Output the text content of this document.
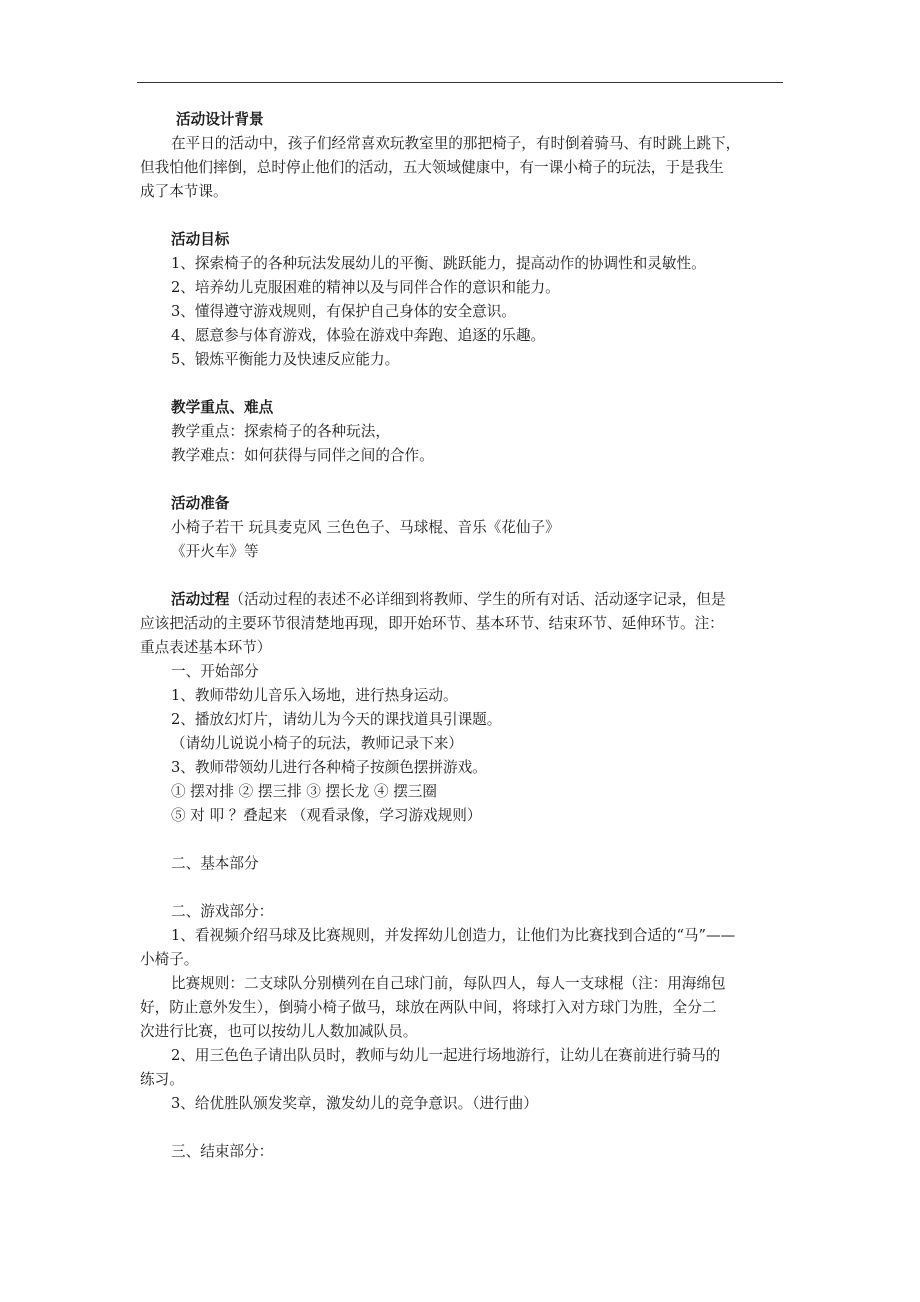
活动设计背景
在平日的活动中，孩子们经常喜欢玩教室里的那把椅子，有时倒着骑马、有时跳上跳下，
但我怕他们摔倒，总时停止他们的活动，五大领域健康中，有一课小椅子的玩法，于是我生
成了本节课。
活动目标
1、探索椅子的各种玩法发展幼儿的平衡、跳跃能力，提高动作的协调性和灵敏性。
2、培养幼儿克服困难的精神以及与同伴合作的意识和能力。
3、懂得遵守游戏规则，有保护自己身体的安全意识。
4、愿意参与体育游戏，体验在游戏中奔跑、追逐的乐趣。
5、锻炼平衡能力及快速反应能力。
教学重点、难点
教学重点：探索椅子的各种玩法，
教学难点：如何获得与同伴之间的合作。
活动准备
小椅子若干 玩具麦克风 三色色子、马球棍、音乐《花仙子》
《开火车》等
活动过程（活动过程的表述不必详细到将教师、学生的所有对话、活动逐字记录，但是
应该把活动的主要环节很清楚地再现，即开始环节、基本环节、结束环节、延伸环节。注：
重点表述基本环节）
一、开始部分
1、教师带幼儿音乐入场地，进行热身运动。
2、播放幻灯片，请幼儿为今天的课找道具引课题。
（请幼儿说说小椅子的玩法，教师记录下来）
3、教师带领幼儿进行各种椅子按颜色摆拼游戏。
① 摆对排 ② 摆三排 ③ 摆长龙 ④ 摆三圈
⑤ 对 叩 ？叠起来 （观看录像，学习游戏规则）
二、基本部分
二、游戏部分：
1、看视频介绍马球及比赛规则，并发挥幼儿创造力，让他们为比赛找到合适的“马”——
小椅子。
比赛规则：二支球队分别横列在自己球门前，每队四人，每人一支球棍（注：用海绵包
好，防止意外发生），倒骑小椅子做马，球放在两队中间，将球打入对方球门为胜，全分二
次进行比赛，也可以按幼儿人数加减队员。
2、用三色色子请出队员时，教师与幼儿一起进行场地游行，让幼儿在赛前进行骑马的
练习。
3、给优胜队颁发奖章，激发幼儿的竞争意识。（进行曲）
三、结束部分：
